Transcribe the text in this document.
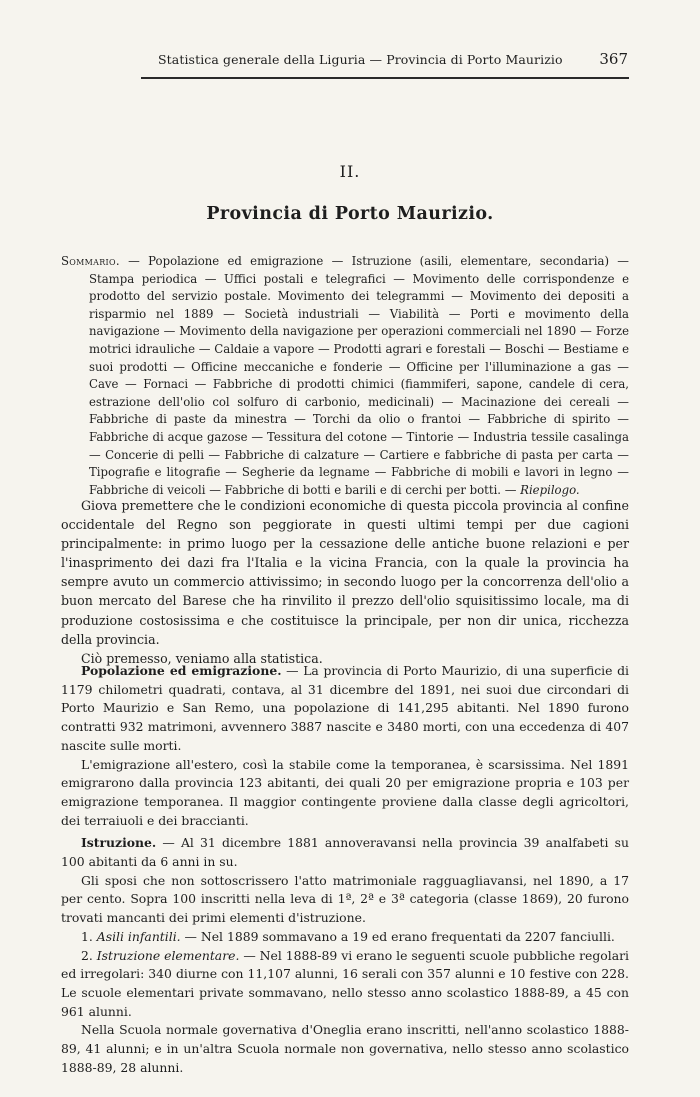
Statistica generale della Liguria — Provincia di Porto Maurizio 367
II.
Provincia di Porto Maurizio.
Sommario. — Popolazione ed emigrazione — Istruzione (asili, elementare, secondaria) — Stampa periodica — Uffici postali e telegrafici — Movimento delle corrispondenze e prodotto del servizio postale. Movimento dei telegrammi — Movimento dei depositi a risparmio nel 1889 — Società industriali — Viabilità — Porti e movimento della navigazione — Movimento della navigazione per operazioni commerciali nel 1890 — Forze motrici idrauliche — Caldaie a vapore — Prodotti agrari e forestali — Boschi — Bestiame e suoi prodotti — Officine meccaniche e fonderie — Officine per l'illuminazione a gas — Cave — Fornaci — Fabbriche di prodotti chimici (fiammiferi, sapone, candele di cera, estrazione dell'olio col solfuro di carbonio, medicinali) — Macinazione dei cereali — Fabbriche di paste da minestra — Torchi da olio o frantoi — Fabbriche di spirito — Fabbriche di acque gazose — Tessitura del cotone — Tintorie — Industria tessile casalinga — Concerie di pelli — Fabbriche di calzature — Cartiere e fabbriche di pasta per carta — Tipografie e litografie — Segherie da legname — Fabbriche di mobili e lavori in legno — Fabbriche di veicoli — Fabbriche di botti e barili e di cerchi per botti. — Riepilogo.

Giova premettere che le condizioni economiche di questa piccola provincia al confine occidentale del Regno son peggiorate in questi ultimi tempi per due cagioni principalmente: in primo luogo per la cessazione delle antiche buone relazioni e per l'inasprimento dei dazi fra l'Italia e la vicina Francia, con la quale la provincia ha sempre avuto un commercio attivissimo; in secondo luogo per la concorrenza dell'olio a buon mercato del Barese che ha rinvilito il prezzo dell'olio squisitissimo locale, ma di produzione costosissima e che costituisce la principale, per non dir unica, ricchezza della provincia.

Ciò premesso, veniamo alla statistica.

Popolazione ed emigrazione. — La provincia di Porto Maurizio, di una superficie di 1179 chilometri quadrati, contava, al 31 dicembre del 1891, nei suoi due circondari di Porto Maurizio e San Remo, una popolazione di 141,295 abitanti. Nel 1890 furono contratti 932 matrimoni, avvennero 3887 nascite e 3480 morti, con una eccedenza di 407 nascite sulle morti.

L'emigrazione all'estero, così la stabile come la temporanea, è scarsissima. Nel 1891 emigrarono dalla provincia 123 abitanti, dei quali 20 per emigrazione propria e 103 per emigrazione temporanea. Il maggior contingente proviene dalla classe degli agricoltori, dei terraiuoli e dei braccianti.

Istruzione. — Al 31 dicembre 1881 annoveravansi nella provincia 39 analfabeti su 100 abitanti da 6 anni in su.

Gli sposi che non sottoscrissero l'atto matrimoniale ragguagliavansi, nel 1890, a 17 per cento. Sopra 100 inscritti nella leva di 1ª, 2ª e 3ª categoria (classe 1869), 20 furono trovati mancanti dei primi elementi d'istruzione.

1. Asili infantili. — Nel 1889 sommavano a 19 ed erano frequentati da 2207 fanciulli.

2. Istruzione elementare. — Nel 1888-89 vi erano le seguenti scuole pubbliche regolari ed irregolari: 340 diurne con 11,107 alunni, 16 serali con 357 alunni e 10 festive con 228. Le scuole elementari private sommavano, nello stesso anno scolastico 1888-89, a 45 con 961 alunni.

Nella Scuola normale governativa d'Oneglia erano inscritti, nell'anno scolastico 1888-89, 41 alunni; e in un'altra Scuola normale non governativa, nello stesso anno scolastico 1888-89, 28 alunni.
